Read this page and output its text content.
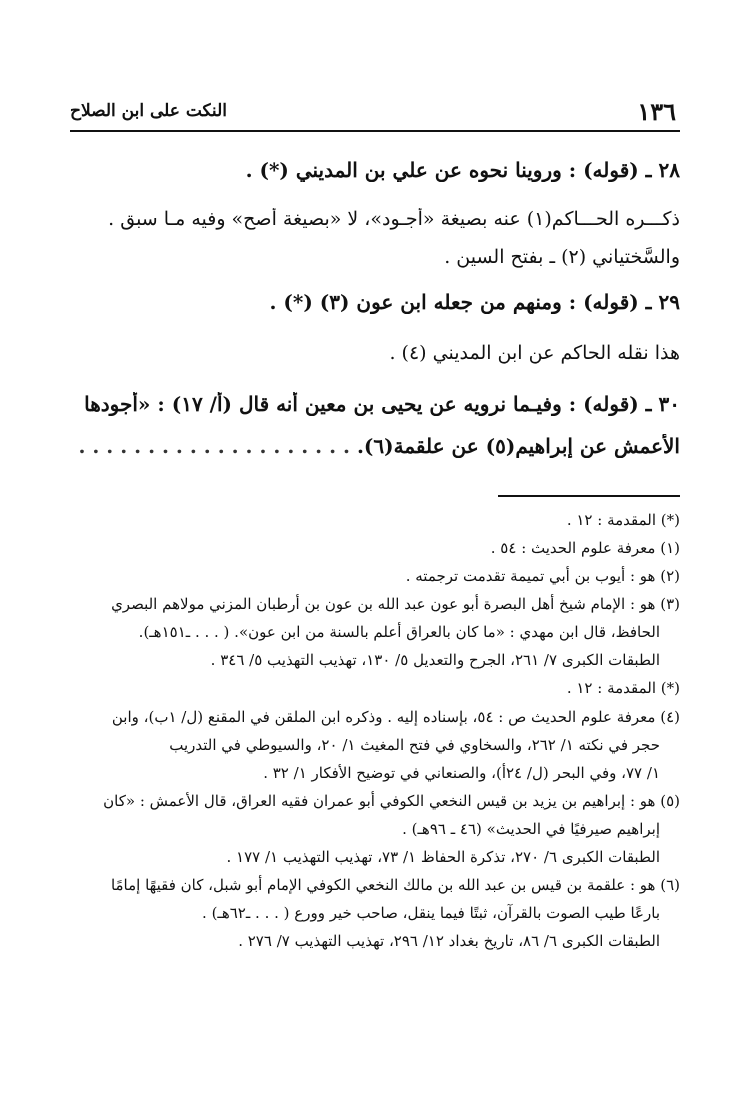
١٣٦
النكت على ابن الصلاح
٢٨ ـ (قوله) : وروينا نحوه عن علي بن المديني (*) .
ذكـــره الحـــاكم(١) عنه بصيغة «أجـود»، لا «بصيغة أصح» وفيه مـا سبق .
والسَّختياني (٢) ـ بفتح السين .
٢٩ ـ (قوله) : ومنهم من جعله ابن عون (٣) (*) .
هذا نقله الحاكم عن ابن المديني (٤) .
٣٠ ـ (قوله) : وفيـما نرويه عن يحيى بن معين أنه قال (أ/ ١٧) : «أجودها
الأعمش عن إبراهيم(٥) عن علقمة(٦). . . . . . . . . . . . . . . . . . . . .
(*) المقدمة : ١٢ .
(١) معرفة علوم الحديث : ٥٤ .
(٢) هو : أيوب بن أبي تميمة تقدمت ترجمته .
(٣) هو : الإمام شيخ أهل البصرة أبو عون عبد الله بن عون بن أرطبان المزني مولاهم البصري
الحافظ، قال ابن مهدي : «ما كان بالعراق أعلم بالسنة من ابن عون». ( . . . ـ١٥١هـ).
الطبقات الكبرى ٧/ ٢٦١، الجرح والتعديل ٥/ ١٣٠، تهذيب التهذيب ٥/ ٣٤٦ .
(*) المقدمة : ١٢ .
(٤) معرفة علوم الحديث ص : ٥٤، بإسناده إليه . وذكره ابن الملقن في المقنع (ل/ ١ب)، وابن
حجر في نكته ١/ ٢٦٢، والسخاوي في فتح المغيث ١/ ٢٠، والسيوطي في التدريب
١/ ٧٧، وفي البحر (ل/ ٢٤أ)، والصنعاني في توضيح الأفكار ١/ ٣٢ .
(٥) هو : إبراهيم بن يزيد بن قيس النخعي الكوفي أبو عمران فقيه العراق، قال الأعمش : «كان
إبراهيم صيرفيًا في الحديث» (٤٦ ـ ٩٦هـ) .
الطبقات الكبرى ٦/ ٢٧٠، تذكرة الحفاظ ١/ ٧٣، تهذيب التهذيب ١/ ١٧٧ .
(٦) هو : علقمة بن قيس بن عبد الله بن مالك النخعي الكوفي الإمام أبو شبل، كان فقيهًا إمامًا
بارعًا طيب الصوت بالقرآن، ثبتًا فيما ينقل، صاحب خير وورع ( . . . ـ٦٢هـ) .
الطبقات الكبرى ٦/ ٨٦، تاريخ بغداد ١٢/ ٢٩٦، تهذيب التهذيب ٧/ ٢٧٦ .
